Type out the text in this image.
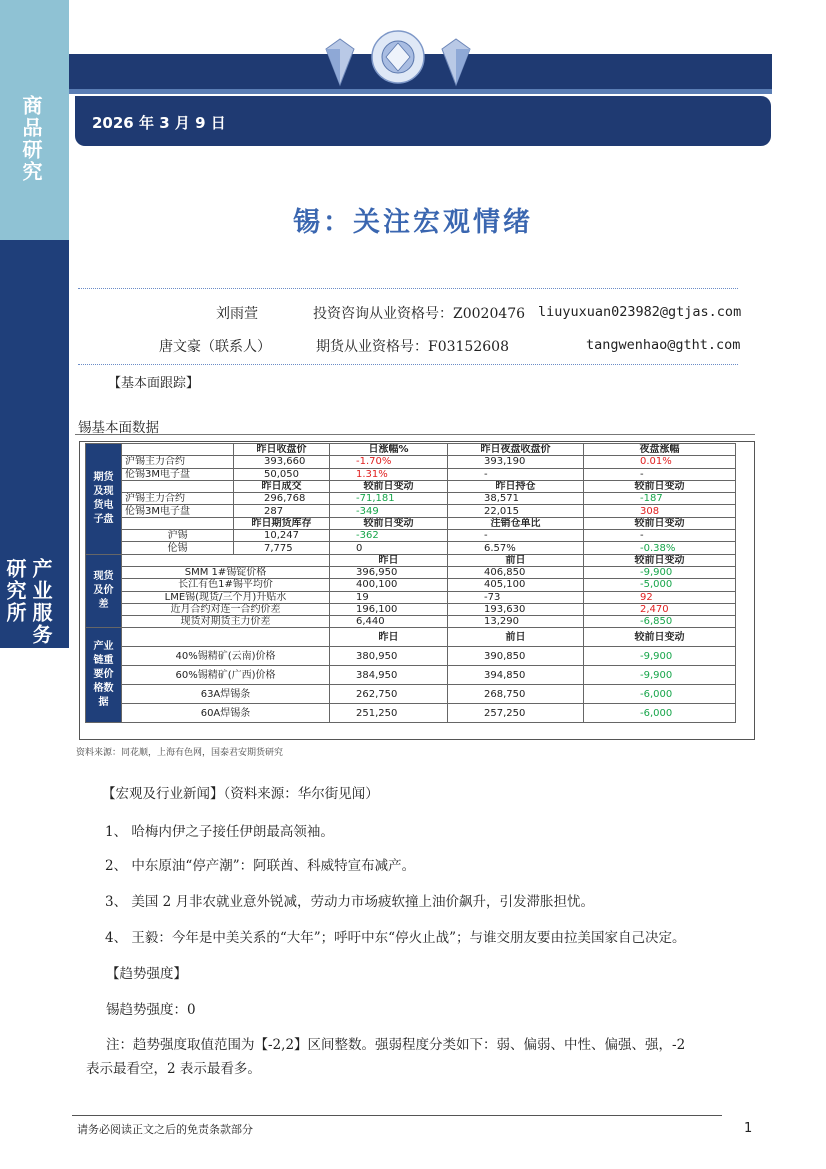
商品研究
产业服务研究所
2026 年 3 月 9 日
锡：关注宏观情绪
刘雨萱	投资咨询从业资格号：Z0020476 liuyuxuan023982@gtjas.com
唐文豪（联系人）	期货从业资格号：F03152608	tangwenhao@gtht.com
【基本面跟踪】
锡基本面数据
期货及现货电子盘		昨日收盘价	日涨幅%	昨日夜盘收盘价	夜盘涨幅
	沪锡主力合约	393,660	-1.70%	393,190	0.01%
	伦锡3M电子盘	50,050	1.31%	-	-
		昨日成交	较前日变动	昨日持仓	较前日变动
	沪锡主力合约	296,768	-71,181	38,571	-187
	伦锡3M电子盘	287	-349	22,015	308
		昨日期货库存	较前日变动	注销仓单比	较前日变动
	沪锡	10,247	-362	-	-
	伦锡	7,775	0	6.57%	-0.38%
现货及价差			昨日	前日	较前日变动
	SMM 1#锡锭价格		396,950	406,850	-9,900
	长江有色1#锡平均价		400,100	405,100	-5,000
	LME锡(现货/三个月)升贴水		19	-73	92
	近月合约对连一合约价差		196,100	193,630	2,470
	现货对期货主力价差		6,440	13,290	-6,850
产业链重要价格数据			昨日	前日	较前日变动
	40%锡精矿(云南)价格		380,950	390,850	-9,900
	60%锡精矿(广西)价格		384,950	394,850	-9,900
	63A焊锡条		262,750	268,750	-6,000
	60A焊锡条		251,250	257,250	-6,000
资料来源：同花顺，上海有色网，国泰君安期货研究
【宏观及行业新闻】（资料来源：华尔街见闻）
1、 哈梅内伊之子接任伊朗最高领袖。
2、 中东原油“停产潮”：阿联酋、科威特宣布减产。
3、 美国 2 月非农就业意外锐减，劳动力市场疲软撞上油价飙升，引发滞胀担忧。
4、 王毅：今年是中美关系的“大年”；呼吁中东“停火止战”；与谁交朋友要由拉美国家自己决定。
【趋势强度】
锡趋势强度：0
注：趋势强度取值范围为【-2,2】区间整数。强弱程度分类如下：弱、偏弱、中性、偏强、强，-2
表示最看空，2 表示最看多。
请务必阅读正文之后的免责条款部分	1
